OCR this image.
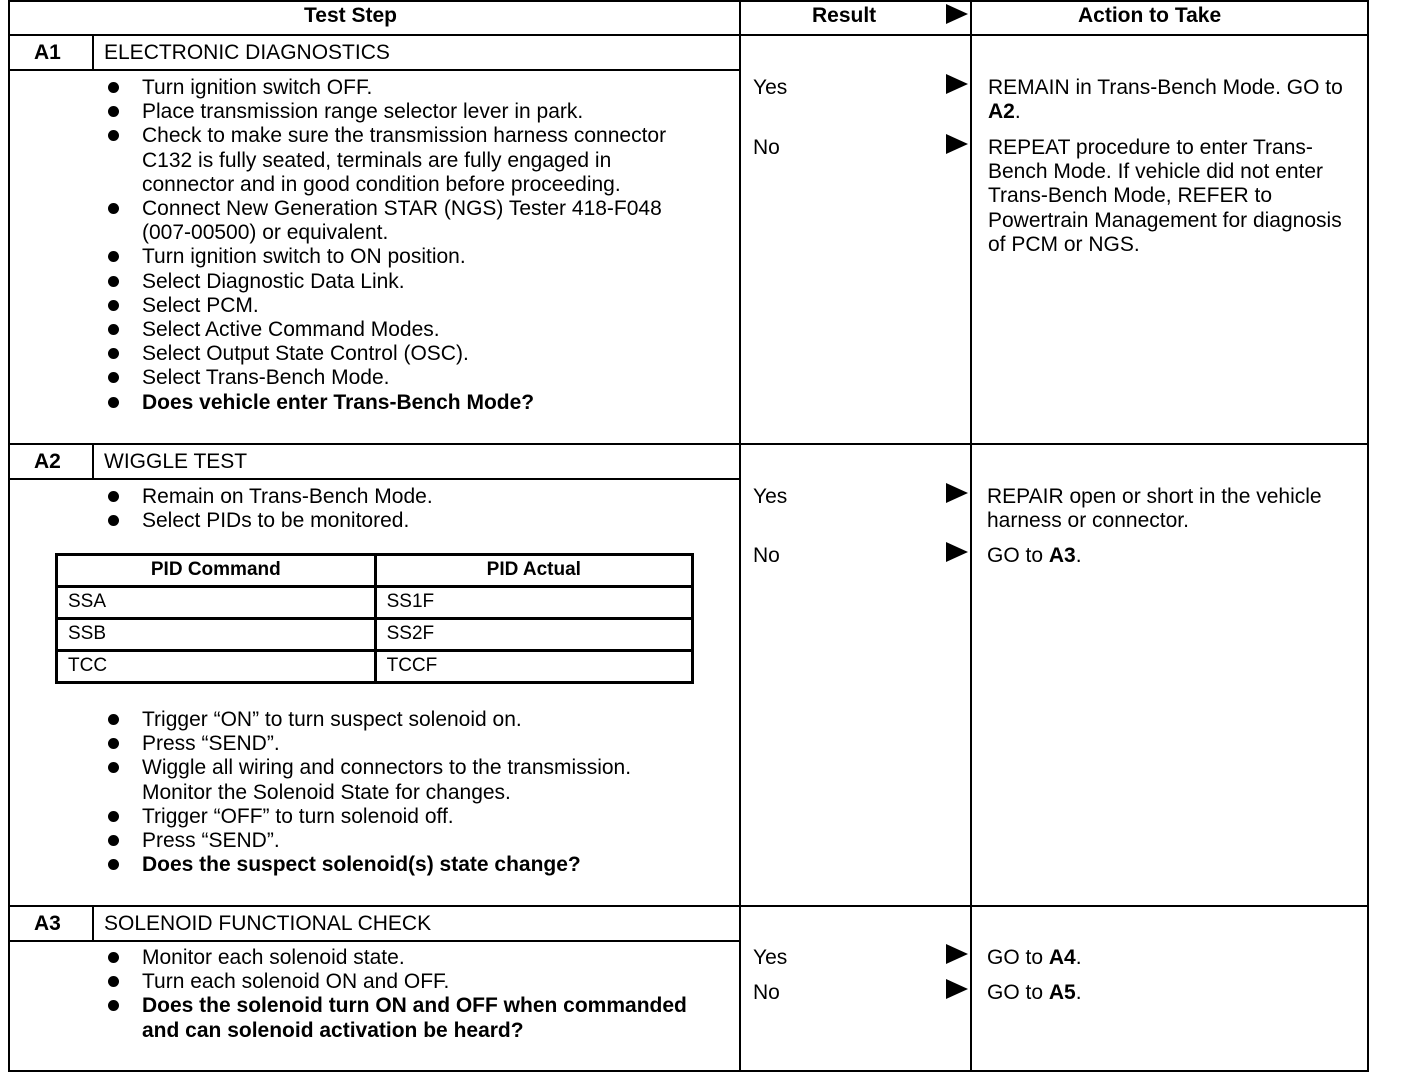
Test Step	Result	Action to Take
A1 ELECTRONIC DIAGNOSTICS
Turn ignition switch OFF.
Place transmission range selector lever in park.
Check to make sure the transmission harness connector C132 is fully seated, terminals are fully engaged in connector and in good condition before proceeding.
Connect New Generation STAR (NGS) Tester 418-F048 (007-00500) or equivalent.
Turn ignition switch to ON position.
Select Diagnostic Data Link.
Select PCM.
Select Active Command Modes.
Select Output State Control (OSC).
Select Trans-Bench Mode.
Does vehicle enter Trans-Bench Mode?
Yes	REMAIN in Trans-Bench Mode. GO to A2.
No	REPEAT procedure to enter Trans-Bench Mode. If vehicle did not enter Trans-Bench Mode, REFER to Powertrain Management for diagnosis of PCM or NGS.
A2 WIGGLE TEST
Remain on Trans-Bench Mode.
Select PIDs to be monitored.
PID Command	PID Actual
SSA	SS1F
SSB	SS2F
TCC	TCCF
Trigger “ON” to turn suspect solenoid on.
Press “SEND”.
Wiggle all wiring and connectors to the transmission. Monitor the Solenoid State for changes.
Trigger “OFF” to turn solenoid off.
Press “SEND”.
Does the suspect solenoid(s) state change?
Yes	REPAIR open or short in the vehicle harness or connector.
No	GO to A3.
A3 SOLENOID FUNCTIONAL CHECK
Monitor each solenoid state.
Turn each solenoid ON and OFF.
Does the solenoid turn ON and OFF when commanded and can solenoid activation be heard?
Yes	GO to A4.
No	GO to A5.
